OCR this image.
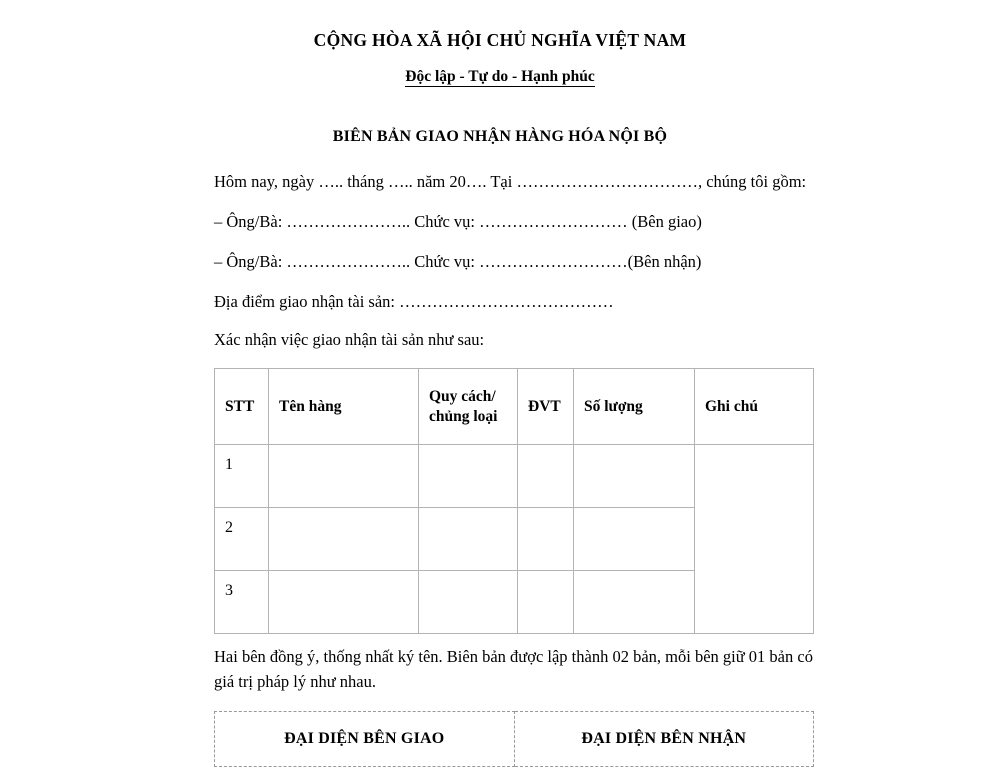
CỘNG HÒA XÃ HỘI CHỦ NGHĨA VIỆT NAM
Độc lập - Tự do - Hạnh phúc
BIÊN BẢN GIAO NHẬN HÀNG HÓA NỘI BỘ
Hôm nay, ngày ….. tháng ….. năm 20…. Tại ……………………………, chúng tôi gồm:
– Ông/Bà: ………………….. Chức vụ: ……………………… (Bên giao)
– Ông/Bà: ………………….. Chức vụ: ………………………(Bên nhận)
Địa điểm giao nhận tài sản: …………………………………
Xác nhận việc giao nhận tài sản như sau:
STT	Tên hàng	Quy cách/ chủng loại	ĐVT	Số lượng	Ghi chú
1					
2					
3					
Hai bên đồng ý, thống nhất ký tên. Biên bản được lập thành 02 bản, mỗi bên giữ 01 bản có giá trị pháp lý như nhau.
ĐẠI DIỆN BÊN GIAO	ĐẠI DIỆN BÊN NHẬN
